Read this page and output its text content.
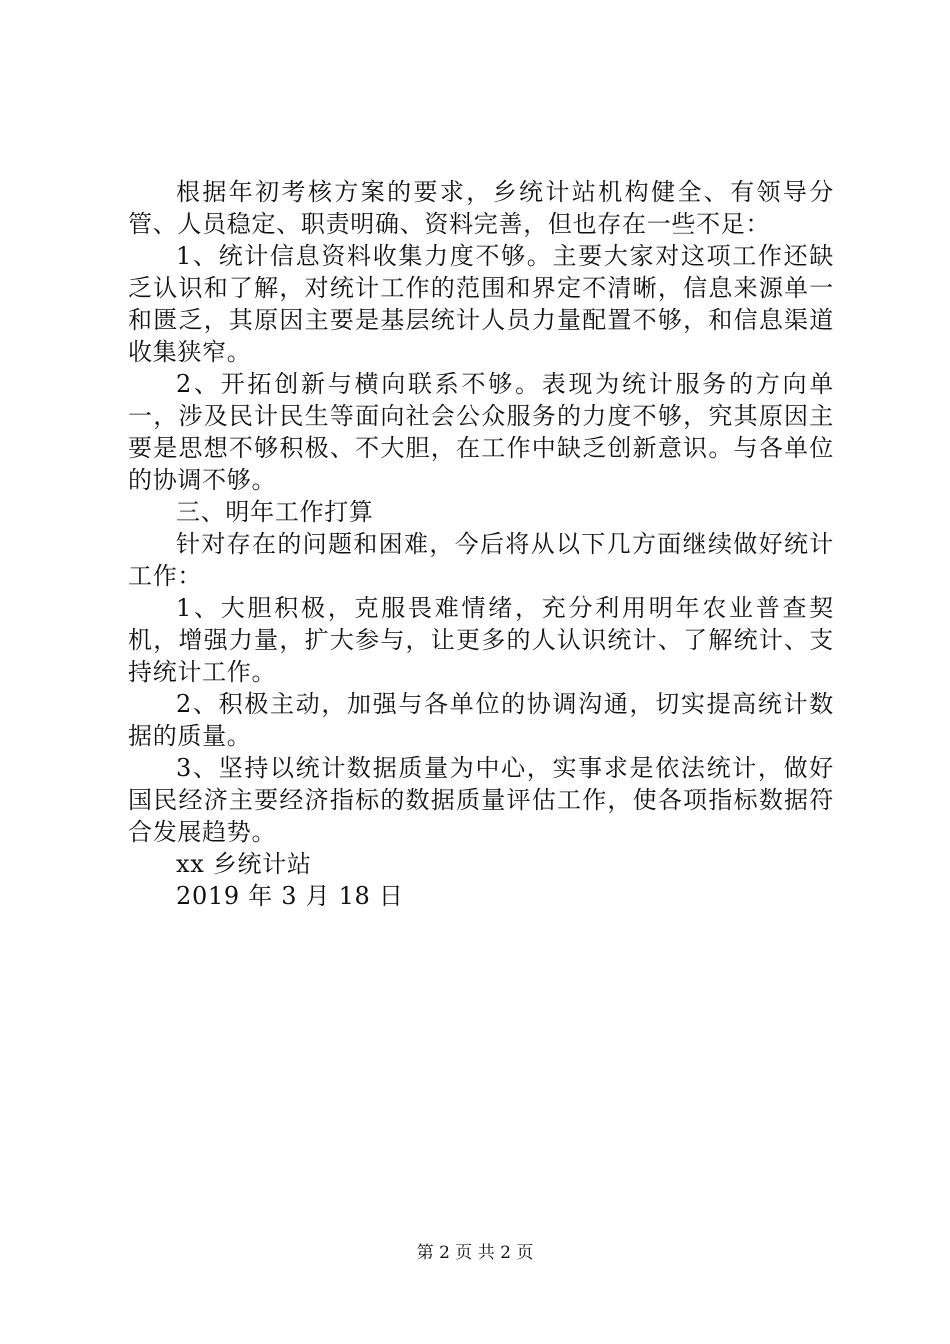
根据年初考核方案的要求，乡统计站机构健全、有领导分管、人员稳定、职责明确、资料完善，但也存在一些不足：

1、统计信息资料收集力度不够。主要大家对这项工作还缺乏认识和了解，对统计工作的范围和界定不清晰，信息来源单一和匮乏，其原因主要是基层统计人员力量配置不够，和信息渠道收集狭窄。

2、开拓创新与横向联系不够。表现为统计服务的方向单一，涉及民计民生等面向社会公众服务的力度不够，究其原因主要是思想不够积极、不大胆，在工作中缺乏创新意识。与各单位的协调不够。

三、明年工作打算

针对存在的问题和困难，今后将从以下几方面继续做好统计工作：

1、大胆积极，克服畏难情绪，充分利用明年农业普查契机，增强力量，扩大参与，让更多的人认识统计、了解统计、支持统计工作。

2、积极主动，加强与各单位的协调沟通，切实提高统计数据的质量。

3、坚持以统计数据质量为中心，实事求是依法统计，做好国民经济主要经济指标的数据质量评估工作，使各项指标数据符合发展趋势。

xx 乡统计站

2019 年 3 月 18 日

第 2 页 共 2 页
